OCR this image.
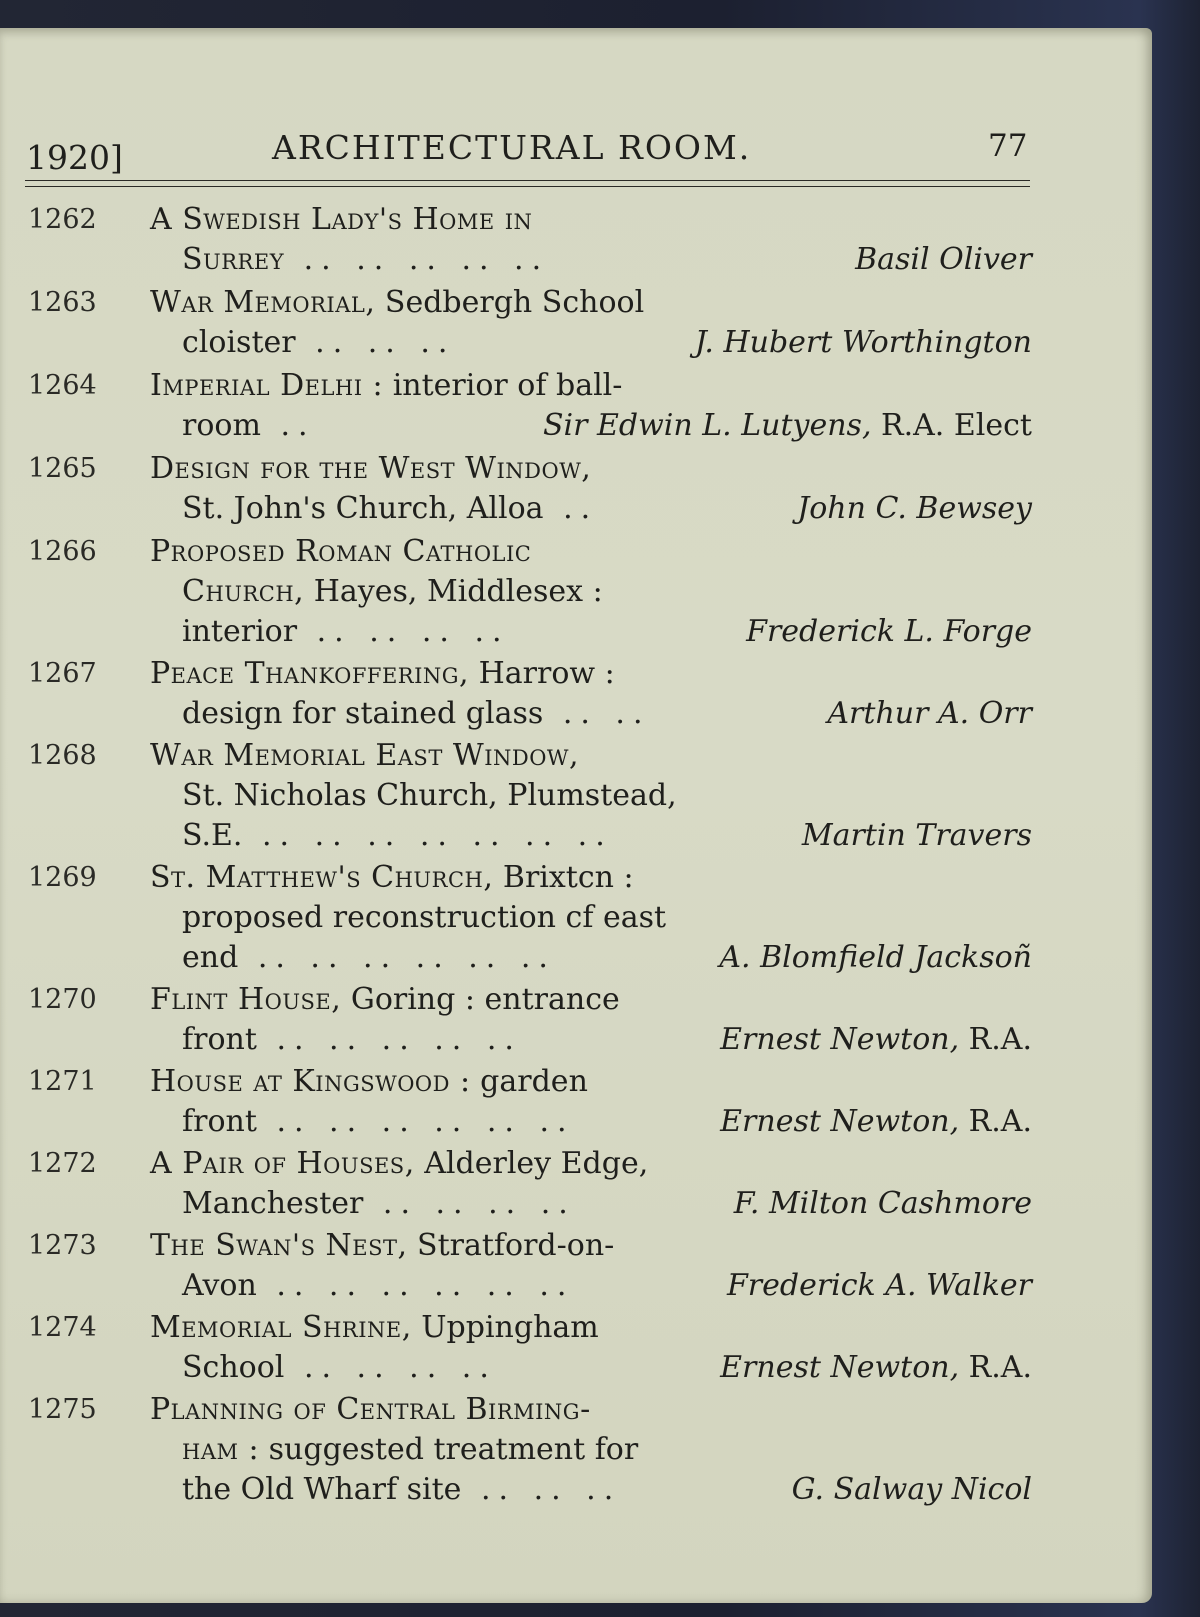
1920]	ARCHITECTURAL ROOM.	77
1262 A Swedish Lady's Home in
Surrey .. .. .. .. ..	Basil Oliver
1263 War Memorial, Sedbergh School
cloister .. .. ..	J. Hubert Worthington
1264 Imperial Delhi : interior of ball-
room ..	Sir Edwin L. Lutyens, R.A. Elect
1265 Design for the West Window,
St. John's Church, Alloa ..	John C. Bewsey
1266 Proposed Roman Catholic
Church, Hayes, Middlesex :
interior .. .. .. ..	Frederick L. Forge
1267 Peace Thankoffering, Harrow :
design for stained glass .. ..	Arthur A. Orr
1268 War Memorial East Window,
St. Nicholas Church, Plumstead,
S.E. .. .. .. .. .. .. ..	Martin Travers
1269 St. Matthew's Church, Brixtcn :
proposed reconstruction cf east
end .. .. .. .. .. ..	A. Blomfield Jacksoñ
1270 Flint House, Goring : entrance
front .. .. .. .. ..	Ernest Newton, R.A.
1271 House at Kingswood : garden
front .. .. .. .. .. ..	Ernest Newton, R.A.
1272 A Pair of Houses, Alderley Edge,
Manchester .. .. .. ..	F. Milton Cashmore
1273 The Swan's Nest, Stratford-on-
Avon .. .. .. .. .. ..	Frederick A. Walker
1274 Memorial Shrine, Uppingham
School .. .. .. ..	Ernest Newton, R.A.
1275 Planning of Central Birming-
ham : suggested treatment for
the Old Wharf site .. .. ..	G. Salway Nicol
